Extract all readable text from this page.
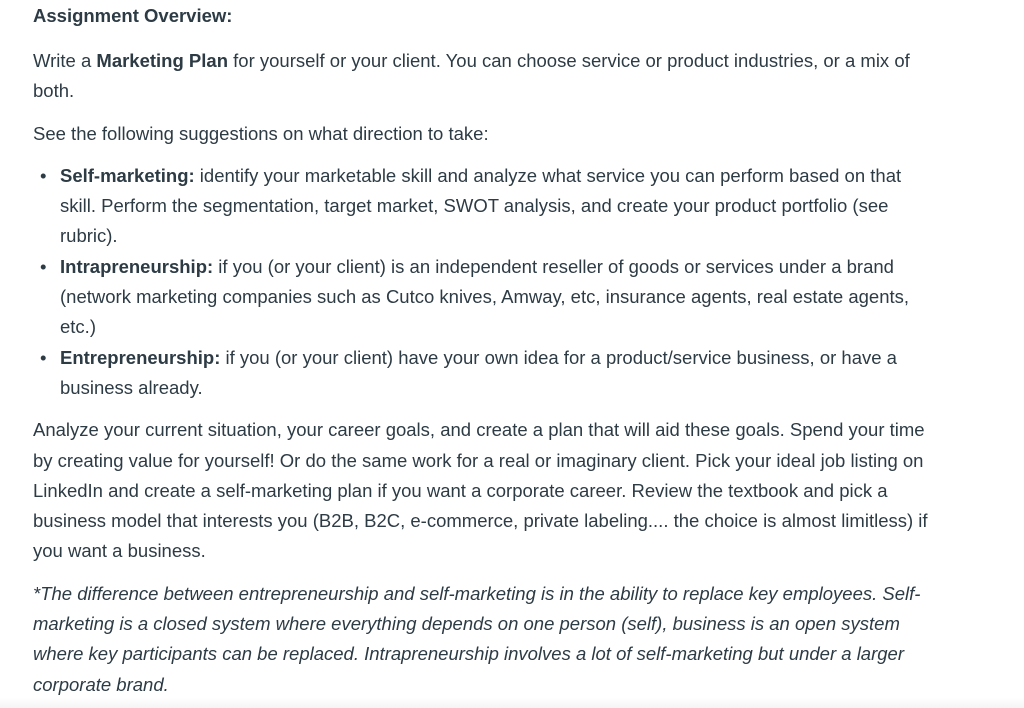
Assignment Overview:

Write a Marketing Plan for yourself or your client. You can choose service or product industries, or a mix of both.

See the following suggestions on what direction to take:

• Self-marketing: identify your marketable skill and analyze what service you can perform based on that skill. Perform the segmentation, target market, SWOT analysis, and create your product portfolio (see rubric).
• Intrapreneurship: if you (or your client) is an independent reseller of goods or services under a brand (network marketing companies such as Cutco knives, Amway, etc, insurance agents, real estate agents, etc.)
• Entrepreneurship: if you (or your client) have your own idea for a product/service business, or have a business already.

Analyze your current situation, your career goals, and create a plan that will aid these goals. Spend your time by creating value for yourself! Or do the same work for a real or imaginary client. Pick your ideal job listing on LinkedIn and create a self-marketing plan if you want a corporate career. Review the textbook and pick a business model that interests you (B2B, B2C, e-commerce, private labeling.... the choice is almost limitless) if you want a business.

*The difference between entrepreneurship and self-marketing is in the ability to replace key employees. Self-marketing is a closed system where everything depends on one person (self), business is an open system where key participants can be replaced. Intrapreneurship involves a lot of self-marketing but under a larger corporate brand.
